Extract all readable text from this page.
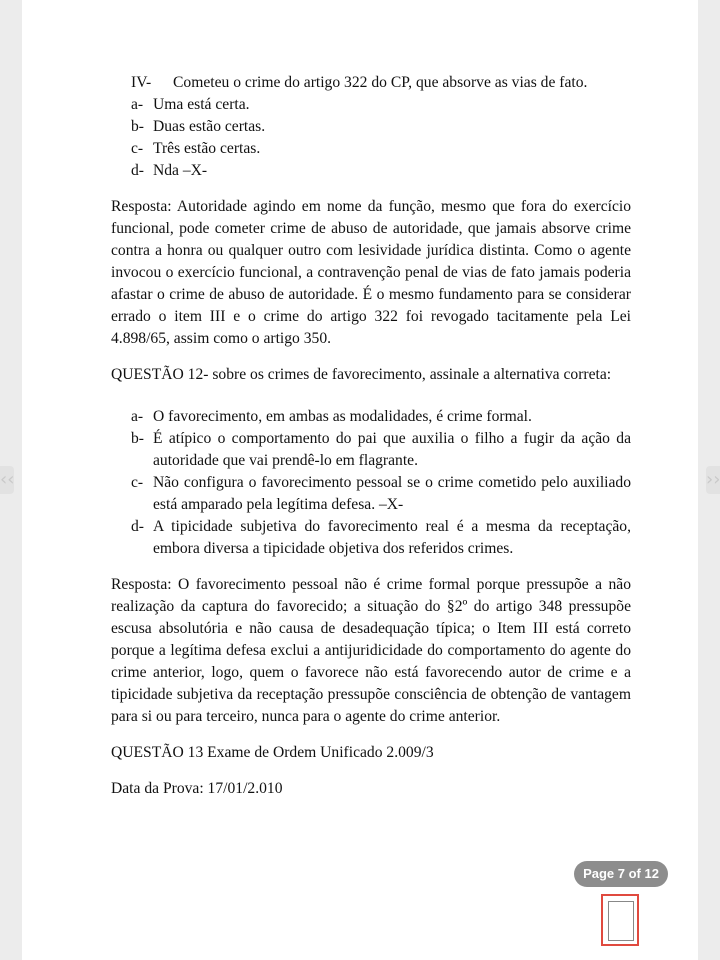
‹‹
IV-	Cometeu o crime do artigo 322 do CP, que absorve as vias de fato.
a- Uma está certa.
b- Duas estão certas.
c- Três estão certas.
d- Nda –X-

Resposta: Autoridade agindo em nome da função, mesmo que fora do exercício funcional, pode cometer crime de abuso de autoridade, que jamais absorve crime contra a honra ou qualquer outro com lesividade jurídica distinta. Como o agente invocou o exercício funcional, a contravenção penal de vias de fato jamais poderia afastar o crime de abuso de autoridade. É o mesmo fundamento para se considerar errado o item III e o crime do artigo 322 foi revogado tacitamente pela Lei 4.898/65, assim como o artigo 350.

QUESTÃO 12- sobre os crimes de favorecimento, assinale a alternativa correta:

a- O favorecimento, em ambas as modalidades, é crime formal.
b- É atípico o comportamento do pai que auxilia o filho a fugir da ação da autoridade que vai prendê-lo em flagrante.
c- Não configura o favorecimento pessoal se o crime cometido pelo auxiliado está amparado pela legítima defesa. –X-
d- A tipicidade subjetiva do favorecimento real é a mesma da receptação, embora diversa a tipicidade objetiva dos referidos crimes.

Resposta: O favorecimento pessoal não é crime formal porque pressupõe a não realização da captura do favorecido; a situação do §2º do artigo 348 pressupõe escusa absolutória e não causa de desadequação típica; o Item III está correto porque a legítima defesa exclui a antijuridicidade do comportamento do agente do crime anterior, logo, quem o favorece não está favorecendo autor de crime e a tipicidade subjetiva da receptação pressupõe consciência de obtenção de vantagem para si ou para terceiro, nunca para o agente do crime anterior.

QUESTÃO 13 Exame de Ordem Unificado 2.009/3

Data da Prova: 17/01/2.010

››
Page 7 of 12
